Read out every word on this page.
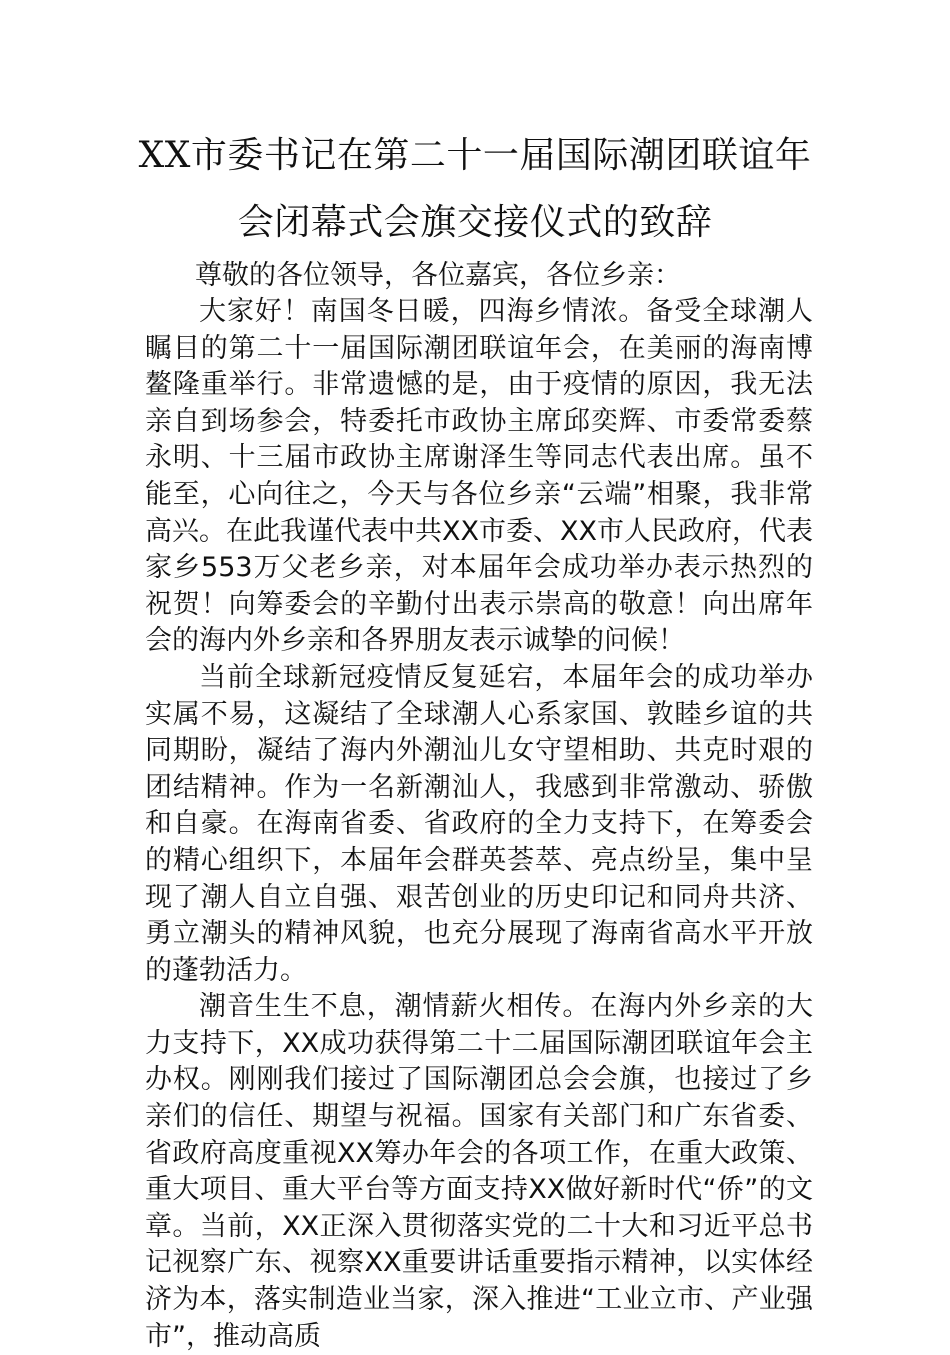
XX市委书记在第二十一届国际潮团联谊年
会闭幕式会旗交接仪式的致辞

尊敬的各位领导，各位嘉宾，各位乡亲：

大家好！南国冬日暖，四海乡情浓。备受全球潮人瞩目的第二十一届国际潮团联谊年会，在美丽的海南博鳌隆重举行。非常遗憾的是，由于疫情的原因，我无法亲自到场参会，特委托市政协主席邱奕辉、市委常委蔡永明、十三届市政协主席谢泽生等同志代表出席。虽不能至，心向往之，今天与各位乡亲“云端”相聚，我非常高兴。在此我谨代表中共XX市委、XX市人民政府，代表家乡553万父老乡亲，对本届年会成功举办表示热烈的祝贺！向筹委会的辛勤付出表示崇高的敬意！向出席年会的海内外乡亲和各界朋友表示诚挚的问候！

当前全球新冠疫情反复延宕，本届年会的成功举办实属不易，这凝结了全球潮人心系家国、敦睦乡谊的共同期盼，凝结了海内外潮汕儿女守望相助、共克时艰的团结精神。作为一名新潮汕人，我感到非常激动、骄傲和自豪。在海南省委、省政府的全力支持下，在筹委会的精心组织下，本届年会群英荟萃、亮点纷呈，集中呈现了潮人自立自强、艰苦创业的历史印记和同舟共济、勇立潮头的精神风貌，也充分展现了海南省高水平开放的蓬勃活力。

潮音生生不息，潮情薪火相传。在海内外乡亲的大力支持下，XX成功获得第二十二届国际潮团联谊年会主办权。刚刚我们接过了国际潮团总会会旗，也接过了乡亲们的信任、期望与祝福。国家有关部门和广东省委、省政府高度重视XX筹办年会的各项工作，在重大政策、重大项目、重大平台等方面支持XX做好新时代“侨”的文章。当前，XX正深入贯彻落实党的二十大和习近平总书记视察广东、视察XX重要讲话重要指示精神，以实体经济为本，落实制造业当家，深入推进“工业立市、产业强市”，推动高质
